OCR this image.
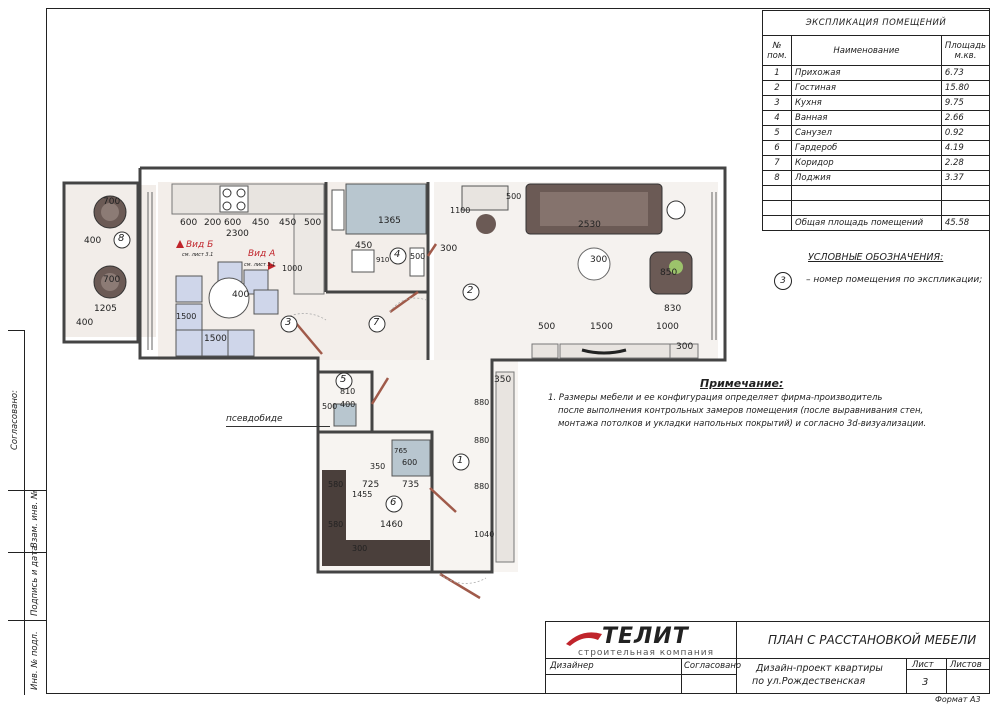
Согласовано:
Взам. инв. №
Подпись и дата
Инв. № подл.
1
2
3
4
5
6
7
8
Вид Б
см. лист 3.1	Вид А
см. лист 3.1
псевдобиде
600 200 600 450 450 500
2300
1365
450
910	500
700
700
400
1205
400
1500
1500
1000
400
1100
300
2530
300
850
830
500	1500	1000
300
350
880
880
880
1040
810
400
500
765
600
350
725	735
1455
1460
580
580
300
500
ЭКСПЛИКАЦИЯ ПОМЕЩЕНИЙ		
№ пом.	Наименование	Площадь м.кв.
1	Прихожая	6.73
2	Гостиная	15.80
3	Кухня	9.75
4	Ванная	2.66
5	Санузел	0.92
6	Гардероб	4.19
7	Коридор	2.28
8	Лоджия	3.37

	Общая площадь помещений	45.58
УСЛОВНЫЕ ОБОЗНАЧЕНИЯ:
3	– номер помещения по экспликации;
Примечание:
1. Размеры мебели и ее конфигурация определяет фирма-производитель
после выполнения контрольных замеров помещения (после выравнивания стен,
монтажа потолков и укладки напольных покрытий) и согласно 3d-визуализации.
ТЕЛИТ
строительная компания
ПЛАН С РАССТАНОВКОЙ МЕБЕЛИ
Дизайнер	Согласовано Дизайн-проект квартиры
по ул.Рождественская
Лист Листов
3
Формат А3
